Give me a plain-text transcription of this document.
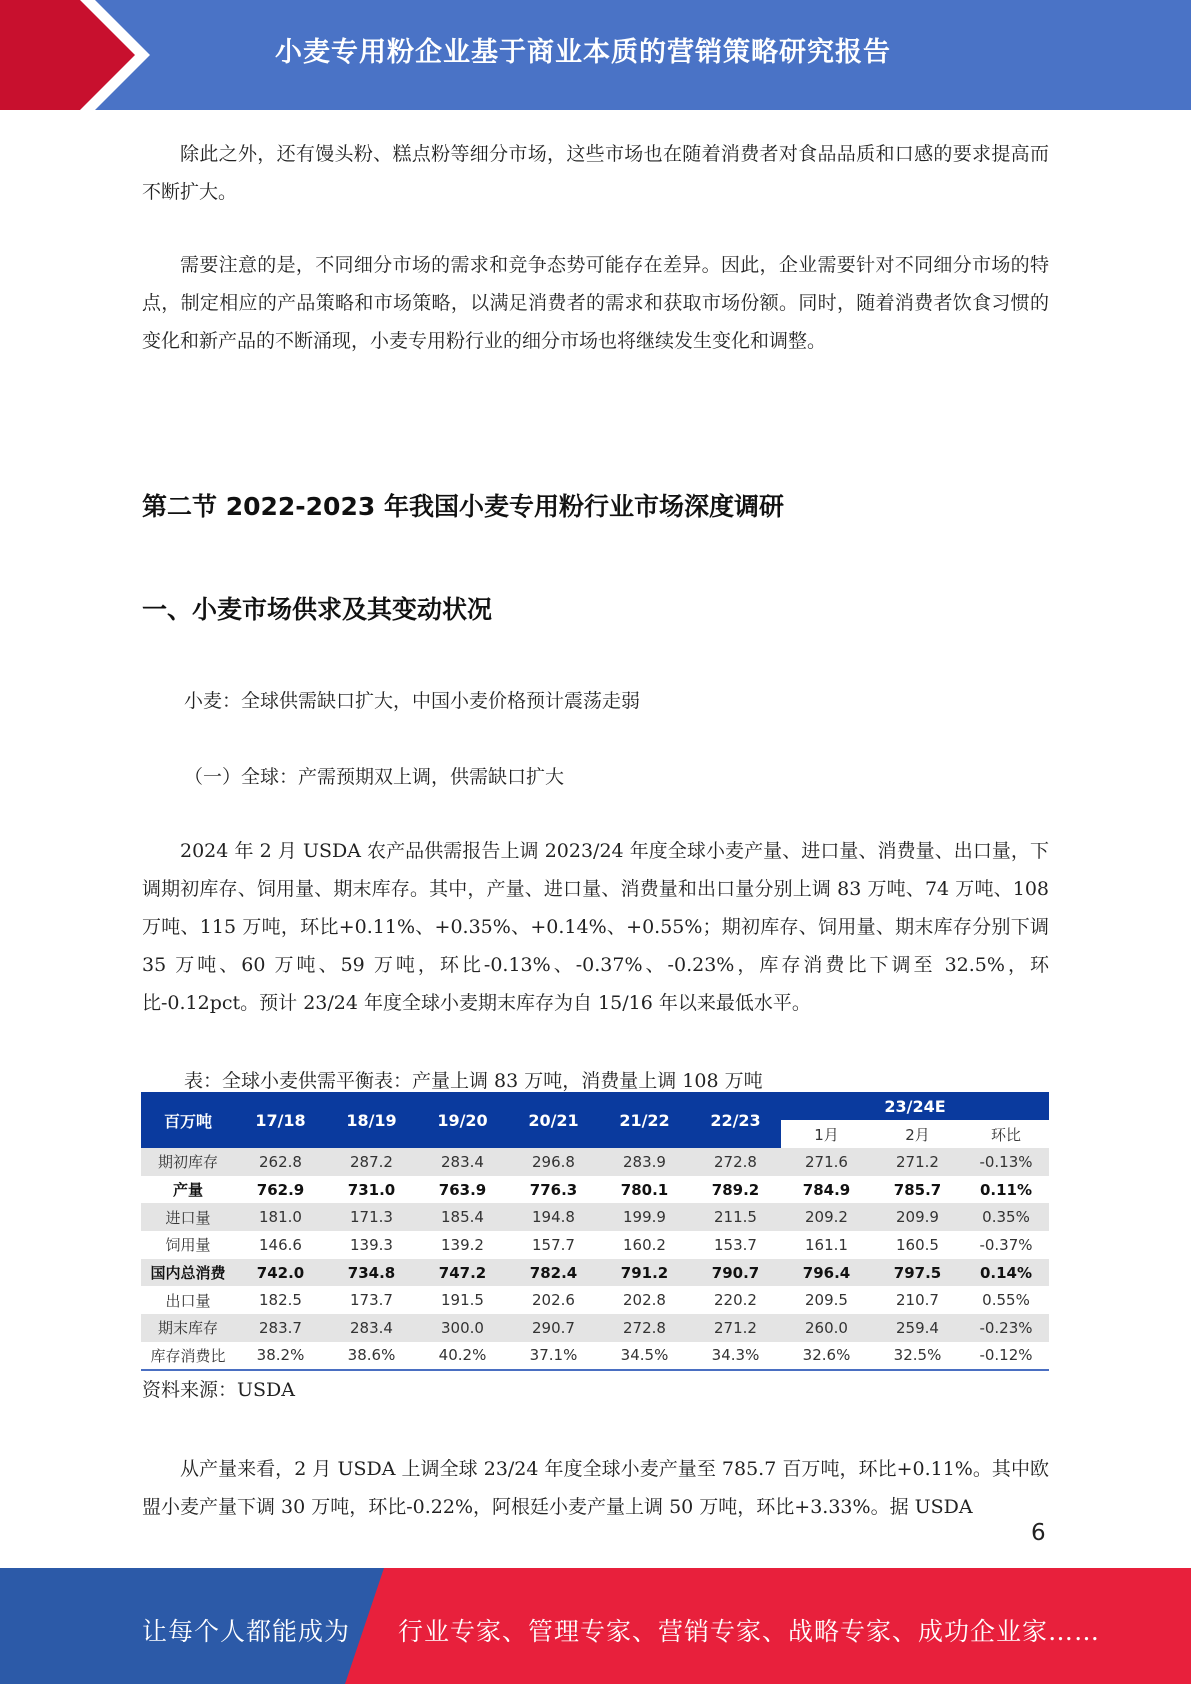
小麦专用粉企业基于商业本质的营销策略研究报告

除此之外，还有馒头粉、糕点粉等细分市场，这些市场也在随着消费者对食品品质和口感的要求提高而不断扩大。

需要注意的是，不同细分市场的需求和竞争态势可能存在差异。因此，企业需要针对不同细分市场的特点，制定相应的产品策略和市场策略，以满足消费者的需求和获取市场份额。同时，随着消费者饮食习惯的变化和新产品的不断涌现，小麦专用粉行业的细分市场也将继续发生变化和调整。

第二节 2022-2023 年我国小麦专用粉行业市场深度调研
一、小麦市场供求及其变动状况
小麦：全球供需缺口扩大，中国小麦价格预计震荡走弱
（一）全球：产需预期双上调，供需缺口扩大

2024 年 2 月 USDA 农产品供需报告上调 2023/24 年度全球小麦产量、进口量、消费量、出口量，下调期初库存、饲用量、期末库存。其中，产量、进口量、消费量和出口量分别上调 83 万吨、74 万吨、108 万吨、115 万吨，环比+0.11%、+0.35%、+0.14%、+0.55%；期初库存、饲用量、期末库存分别下调 35 万吨、60 万吨、59 万吨，环比-0.13%、-0.37%、-0.23%，库存消费比下调至 32.5%，环比-0.12pct。预计 23/24 年度全球小麦期末库存为自 15/16 年以来最低水平。

表：全球小麦供需平衡表：产量上调 83 万吨，消费量上调 108 万吨
百万吨	17/18	18/19	19/20	20/21	21/22	22/23	23/24E		
							1月	2月	环比
期初库存	262.8	287.2	283.4	296.8	283.9	272.8	271.6	271.2	-0.13%
产量	762.9	731.0	763.9	776.3	780.1	789.2	784.9	785.7	0.11%
进口量	181.0	171.3	185.4	194.8	199.9	211.5	209.2	209.9	0.35%
饲用量	146.6	139.3	139.2	157.7	160.2	153.7	161.1	160.5	-0.37%
国内总消费	742.0	734.8	747.2	782.4	791.2	790.7	796.4	797.5	0.14%
出口量	182.5	173.7	191.5	202.6	202.8	220.2	209.5	210.7	0.55%
期末库存	283.7	283.4	300.0	290.7	272.8	271.2	260.0	259.4	-0.23%
库存消费比	38.2%	38.6%	40.2%	37.1%	34.5%	34.3%	32.6%	32.5%	-0.12%
资料来源：USDA

从产量来看，2 月 USDA 上调全球 23/24 年度全球小麦产量至 785.7 百万吨，环比+0.11%。其中欧盟小麦产量下调 30 万吨，环比-0.22%，阿根廷小麦产量上调 50 万吨，环比+3.33%。据 USDA

6
让每个人都能成为 行业专家、管理专家、营销专家、战略专家、成功企业家……
